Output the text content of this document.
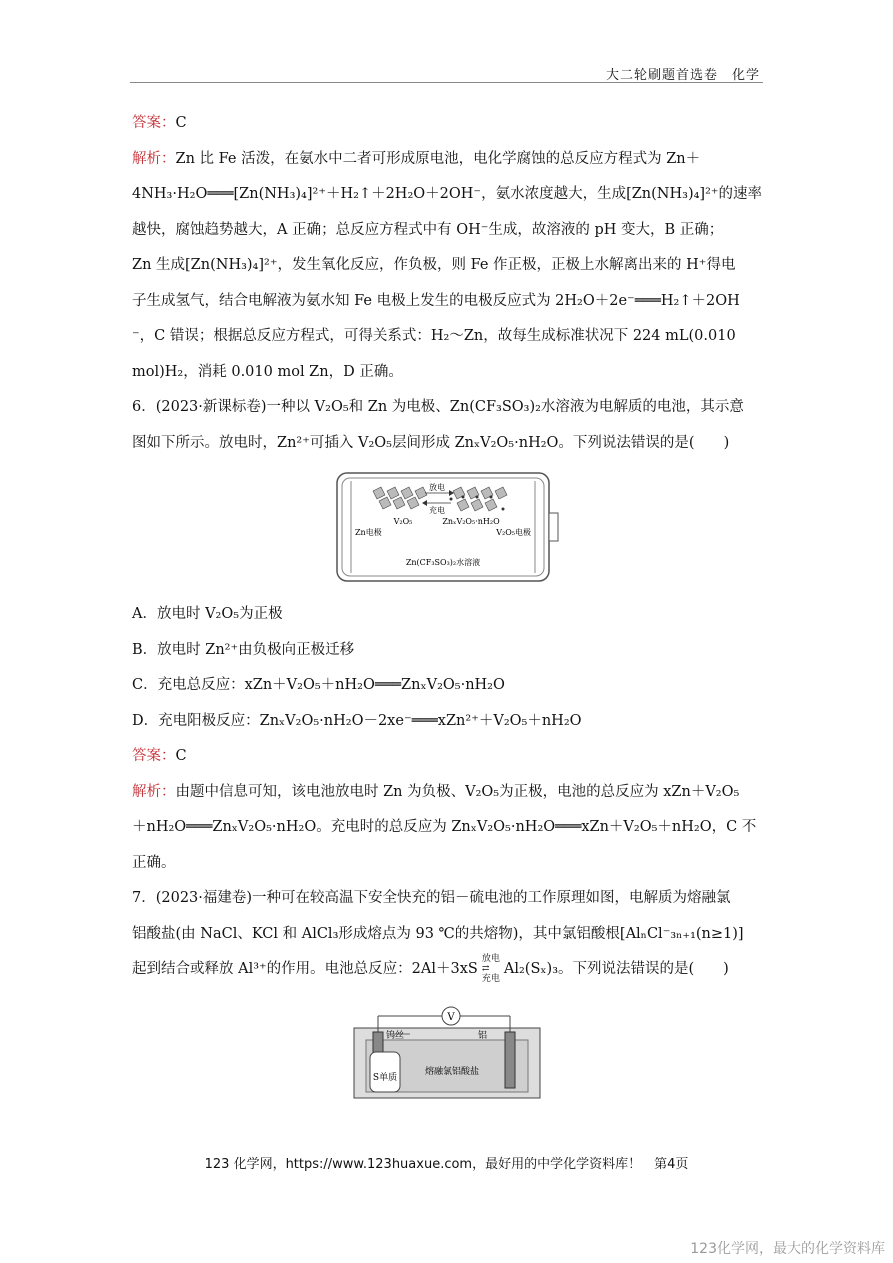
大二轮刷题首选卷　化学

答案：C

解析：Zn 比 Fe 活泼，在氨水中二者可形成原电池，电化学腐蚀的总反应方程式为 Zn＋

4NH₃·H₂O═══[Zn(NH₃)₄]²⁺＋H₂↑＋2H₂O＋2OH⁻，氨水浓度越大，生成[Zn(NH₃)₄]²⁺的速率

越快，腐蚀趋势越大，A 正确；总反应方程式中有 OH⁻生成，故溶液的 pH 变大，B 正确；

Zn 生成[Zn(NH₃)₄]²⁺，发生氧化反应，作负极，则 Fe 作正极，正极上水解离出来的 H⁺得电

子生成氢气，结合电解液为氨水知 Fe 电极上发生的电极反应式为 2H₂O＋2e⁻═══H₂↑＋2OH

⁻，C 错误；根据总反应方程式，可得关系式：H₂～Zn，故每生成标准状况下 224 mL(0.010

mol)H₂，消耗 0.010 mol Zn，D 正确。

6．(2023·新课标卷)一种以 V₂O₅和 Zn 为电极、Zn(CF₃SO₃)₂水溶液为电解质的电池，其示意

图如下所示。放电时，Zn²⁺可插入 V₂O₅层间形成 ZnₓV₂O₅·nH₂O。下列说法错误的是(　　)

放电
充电
V₂O₅	ZnₓV₂O₅·nH₂O
Zn电极	V₂O₅电极
Zn(CF₃SO₃)₂水溶液

A．放电时 V₂O₅为正极

B．放电时 Zn²⁺由负极向正极迁移

C．充电总反应：xZn＋V₂O₅＋nH₂O═══ZnₓV₂O₅·nH₂O

D．充电阳极反应：ZnₓV₂O₅·nH₂O－2xe⁻═══xZn²⁺＋V₂O₅＋nH₂O

答案：C

解析：由题中信息可知，该电池放电时 Zn 为负极、V₂O₅为正极，电池的总反应为 xZn＋V₂O₅

＋nH₂O═══ZnₓV₂O₅·nH₂O。充电时的总反应为 ZnₓV₂O₅·nH₂O═══xZn＋V₂O₅＋nH₂O，C 不

正确。

7．(2023·福建卷)一种可在较高温下安全快充的铝－硫电池的工作原理如图，电解质为熔融氯

铝酸盐(由 NaCl、KCl 和 AlCl₃形成熔点为 93 ℃的共熔物)，其中氯铝酸根[AlₙCl⁻₃ₙ₊₁(n≥1)]

起到结合或释放 Al³⁺的作用。电池总反应：2Al＋3xS放电
⇄
充电Al₂(Sₓ)₃。下列说法错误的是(　　)

V
钨丝	铝
S单质
熔融氯铝酸盐
123 化学网，https://www.123huaxue.com，最好用的中学化学资料库！　第4页
123化学网，最大的化学资料库
